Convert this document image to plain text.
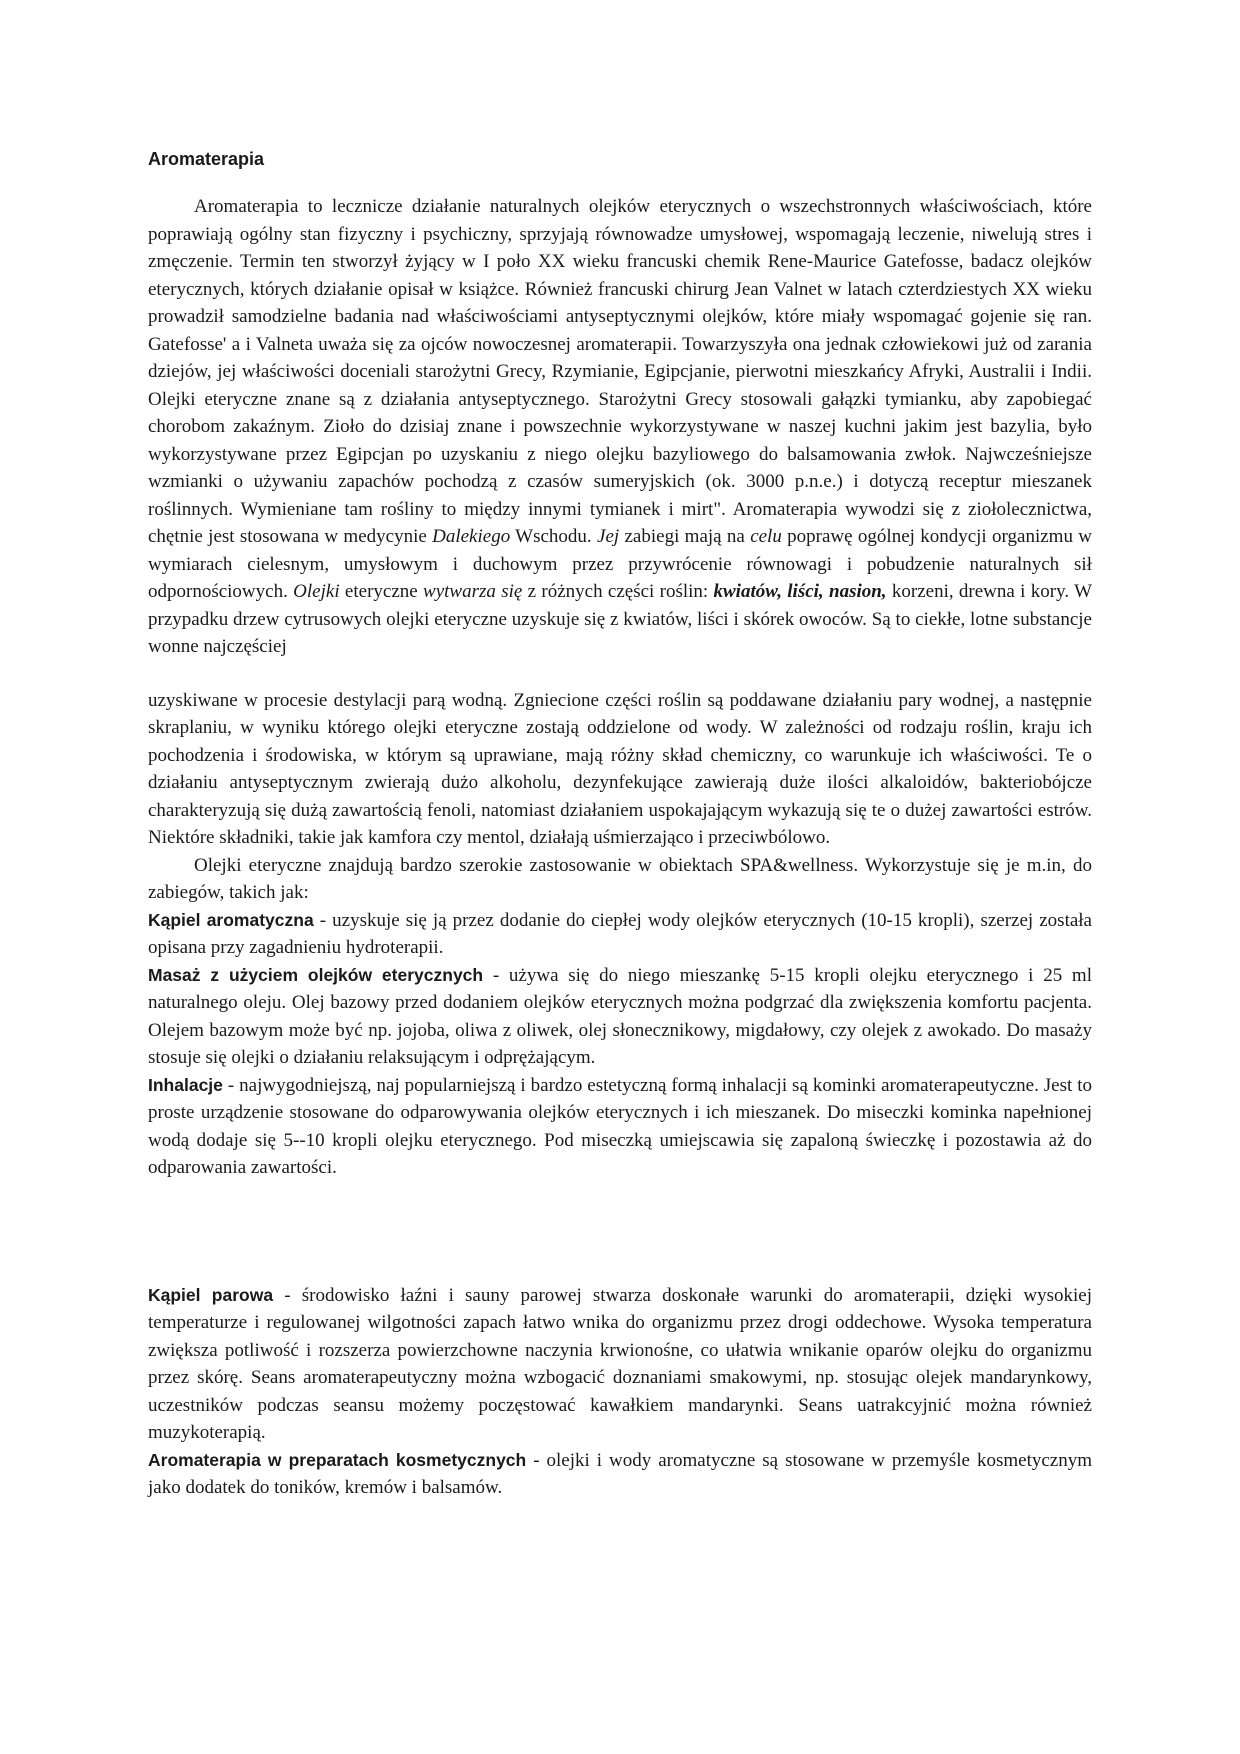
Aromaterapia

Aromaterapia to lecznicze działanie naturalnych olejków eterycznych o wszechstronnych właściwościach, które poprawiają ogólny stan fizyczny i psychiczny, sprzyjają równowadze umysłowej, wspomagają leczenie, niwelują stres i zmęczenie. Termin ten stworzył żyjący w I poło XX wieku francuski chemik Rene-Maurice Gatefosse, badacz olejków eterycznych, których działanie opisał w książce. Również francuski chirurg Jean Valnet w latach czterdziestych XX wieku prowadził samodzielne badania nad właściwościami antyseptycznymi olejków, które miały wspomagać gojenie się ran. Gatefosse' a i Valneta uważa się za ojców nowoczesnej aromaterapii. Towarzyszyła ona jednak człowiekowi już od zarania dziejów, jej właściwości doceniali starożytni Grecy, Rzymianie, Egipcjanie, pierwotni mieszkańcy Afryki, Australii i Indii. Olejki eteryczne znane są z działania antyseptycznego. Starożytni Grecy stosowali gałązki tymianku, aby zapobiegać chorobom zakaźnym. Zioło do dzisiaj znane i powszechnie wykorzystywane w naszej kuchni jakim jest bazylia, było wykorzystywane przez Egipcjan po uzyskaniu z niego olejku bazyliowego do balsamowania zwłok. Najwcześniejsze wzmianki o używaniu zapachów pochodzą z czasów sumeryjskich (ok. 3000 p.n.e.) i dotyczą receptur mieszanek roślinnych. Wymieniane tam rośliny to między innymi tymianek i mirt". Aromaterapia wywodzi się z ziołolecznictwa, chętnie jest stosowana w medycynie Dalekiego Wschodu. Jej zabiegi mają na celu poprawę ogólnej kondycji organizmu w wymiarach cielesnym, umysłowym i duchowym przez przywrócenie równowagi i pobudzenie naturalnych sił odpornościowych. Olejki eteryczne wytwarza się z różnych części roślin: kwiatów, liści, nasion, korzeni, drewna i kory. W przypadku drzew cytrusowych olejki eteryczne uzyskuje się z kwiatów, liści i skórek owoców. Są to ciekłe, lotne substancje wonne najczęściej

uzyskiwane w procesie destylacji parą wodną. Zgniecione części roślin są poddawane działaniu pary wodnej, a następnie skraplaniu, w wyniku którego olejki eteryczne zostają oddzielone od wody. W zależności od rodzaju roślin, kraju ich pochodzenia i środowiska, w którym są uprawiane, mają różny skład chemiczny, co warunkuje ich właściwości. Te o działaniu antyseptycznym zwierają dużo alkoholu, dezynfekujące zawierają duże ilości alkaloidów, bakteriobójcze charakteryzują się dużą zawartością fenoli, natomiast działaniem uspokajającym wykazują się te o dużej zawartości estrów. Niektóre składniki, takie jak kamfora czy mentol, działają uśmierzająco i przeciwbólowo.

Olejki eteryczne znajdują bardzo szerokie zastosowanie w obiektach SPA&wellness. Wykorzystuje się je m.in, do zabiegów, takich jak:

Kąpiel aromatyczna - uzyskuje się ją przez dodanie do ciepłej wody olejków eterycznych (10-15 kropli), szerzej została opisana przy zagadnieniu hydroterapii.

Masaż z użyciem olejków eterycznych - używa się do niego mieszankę 5-15 kropli olejku eterycznego i 25 ml naturalnego oleju. Olej bazowy przed dodaniem olejków eterycznych można podgrzać dla zwiększenia komfortu pacjenta. Olejem bazowym może być np. jojoba, oliwa z oliwek, olej słonecznikowy, migdałowy, czy olejek z awokado. Do masaży stosuje się olejki o działaniu relaksującym i odprężającym.

Inhalacje - najwygodniejszą, naj popularniejszą i bardzo estetyczną formą inhalacji są kominki aromaterapeutyczne. Jest to proste urządzenie stosowane do odparowywania olejków eterycznych i ich mieszanek. Do miseczki kominka napełnionej wodą dodaje się 5--10 kropli olejku eterycznego. Pod miseczką umiejscawia się zapaloną świeczkę i pozostawia aż do odparowania zawartości.

Kąpiel parowa - środowisko łaźni i sauny parowej stwarza doskonałe warunki do aromaterapii, dzięki wysokiej temperaturze i regulowanej wilgotności zapach łatwo wnika do organizmu przez drogi oddechowe. Wysoka temperatura zwiększa potliwość i rozszerza powierzchowne naczynia krwionośne, co ułatwia wnikanie oparów olejku do organizmu przez skórę. Seans aromaterapeutyczny można wzbogacić doznaniami smakowymi, np. stosując olejek mandarynkowy, uczestników podczas seansu możemy poczęstować kawałkiem mandarynki. Seans uatrakcyjnić można również muzykoterapią.

Aromaterapia w preparatach kosmetycznych - olejki i wody aromatyczne są stosowane w przemyśle kosmetycznym jako dodatek do toników, kremów i balsamów.
